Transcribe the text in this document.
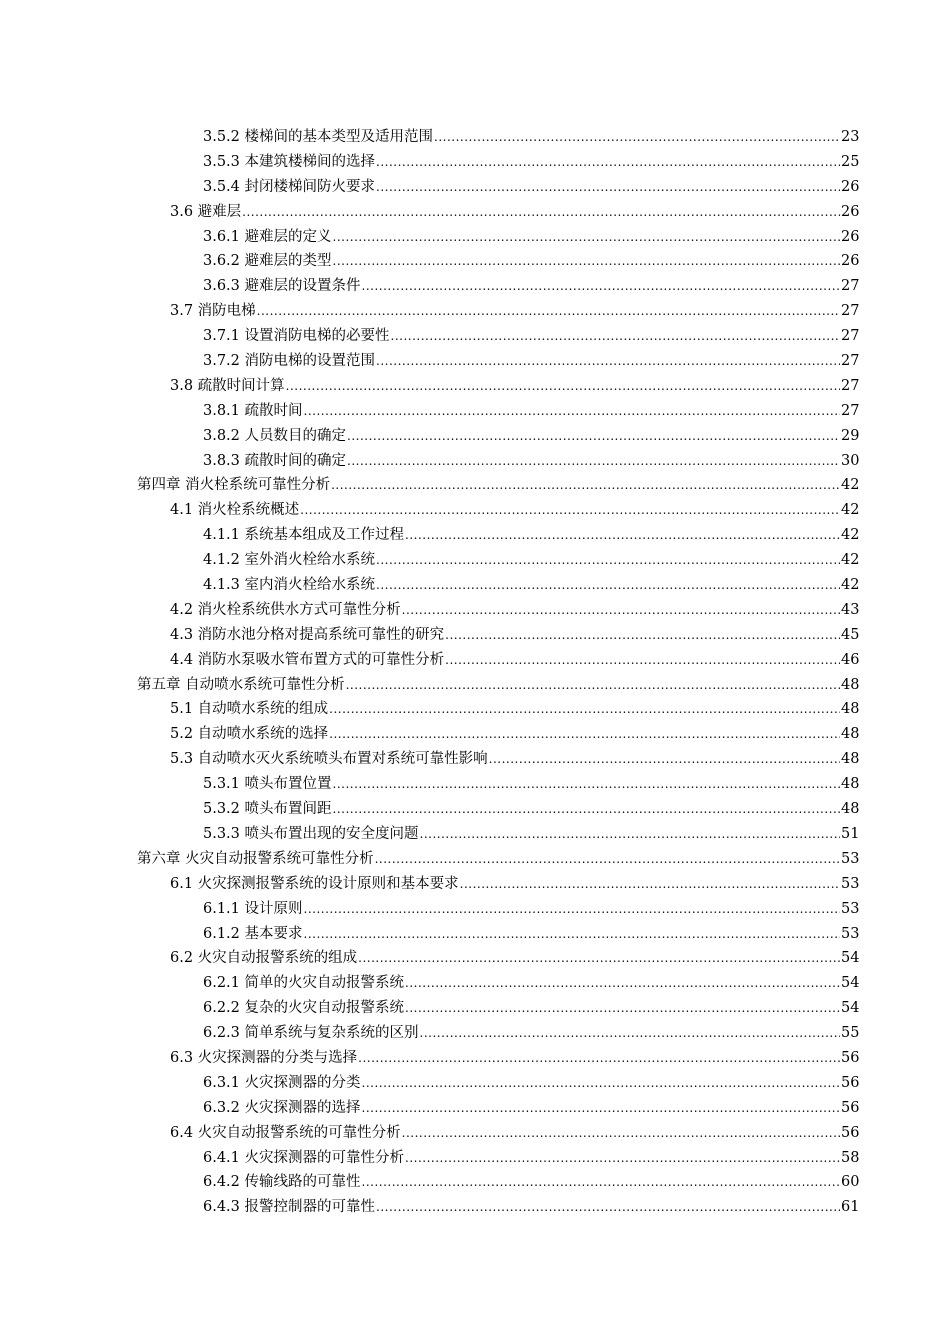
3.5.2 楼梯间的基本类型及适用范围 .....	23
3.5.3 本建筑楼梯间的选择 .....	25
3.5.4 封闭楼梯间防火要求 .....	26
3.6 避难层 .....	26
3.6.1 避难层的定义 .....	26
3.6.2 避难层的类型 .....	26
3.6.3 避难层的设置条件 .....	27
3.7 消防电梯 .....	27
3.7.1 设置消防电梯的必要性 .....	27
3.7.2 消防电梯的设置范围 .....	27
3.8 疏散时间计算 .....	27
3.8.1 疏散时间 .....	27
3.8.2 人员数目的确定 .....	29
3.8.3 疏散时间的确定 .....	30
第四章 消火栓系统可靠性分析 .....	42
4.1 消火栓系统概述 .....	42
4.1.1 系统基本组成及工作过程 .....	42
4.1.2 室外消火栓给水系统 .....	42
4.1.3 室内消火栓给水系统 .....	42
4.2 消火栓系统供水方式可靠性分析 .....	43
4.3 消防水池分格对提高系统可靠性的研究 .....	45
4.4 消防水泵吸水管布置方式的可靠性分析 .....	46
第五章 自动喷水系统可靠性分析 .....	48
5.1 自动喷水系统的组成 .....	48
5.2 自动喷水系统的选择 .....	48
5.3 自动喷水灭火系统喷头布置对系统可靠性影响 .....	48
5.3.1 喷头布置位置 .....	48
5.3.2 喷头布置间距 .....	48
5.3.3 喷头布置出现的安全度问题 .....	51
第六章 火灾自动报警系统可靠性分析 .....	53
6.1 火灾探测报警系统的设计原则和基本要求 .....	53
6.1.1 设计原则 .....	53
6.1.2 基本要求 .....	53
6.2 火灾自动报警系统的组成 .....	54
6.2.1 简单的火灾自动报警系统 .....	54
6.2.2 复杂的火灾自动报警系统 .....	54
6.2.3 简单系统与复杂系统的区别 .....	55
6.3 火灾探测器的分类与选择 .....	56
6.3.1 火灾探测器的分类 .....	56
6.3.2 火灾探测器的选择 .....	56
6.4 火灾自动报警系统的可靠性分析 .....	56
6.4.1 火灾探测器的可靠性分析 .....	58
6.4.2 传输线路的可靠性 .....	60
6.4.3 报警控制器的可靠性 .....	61
